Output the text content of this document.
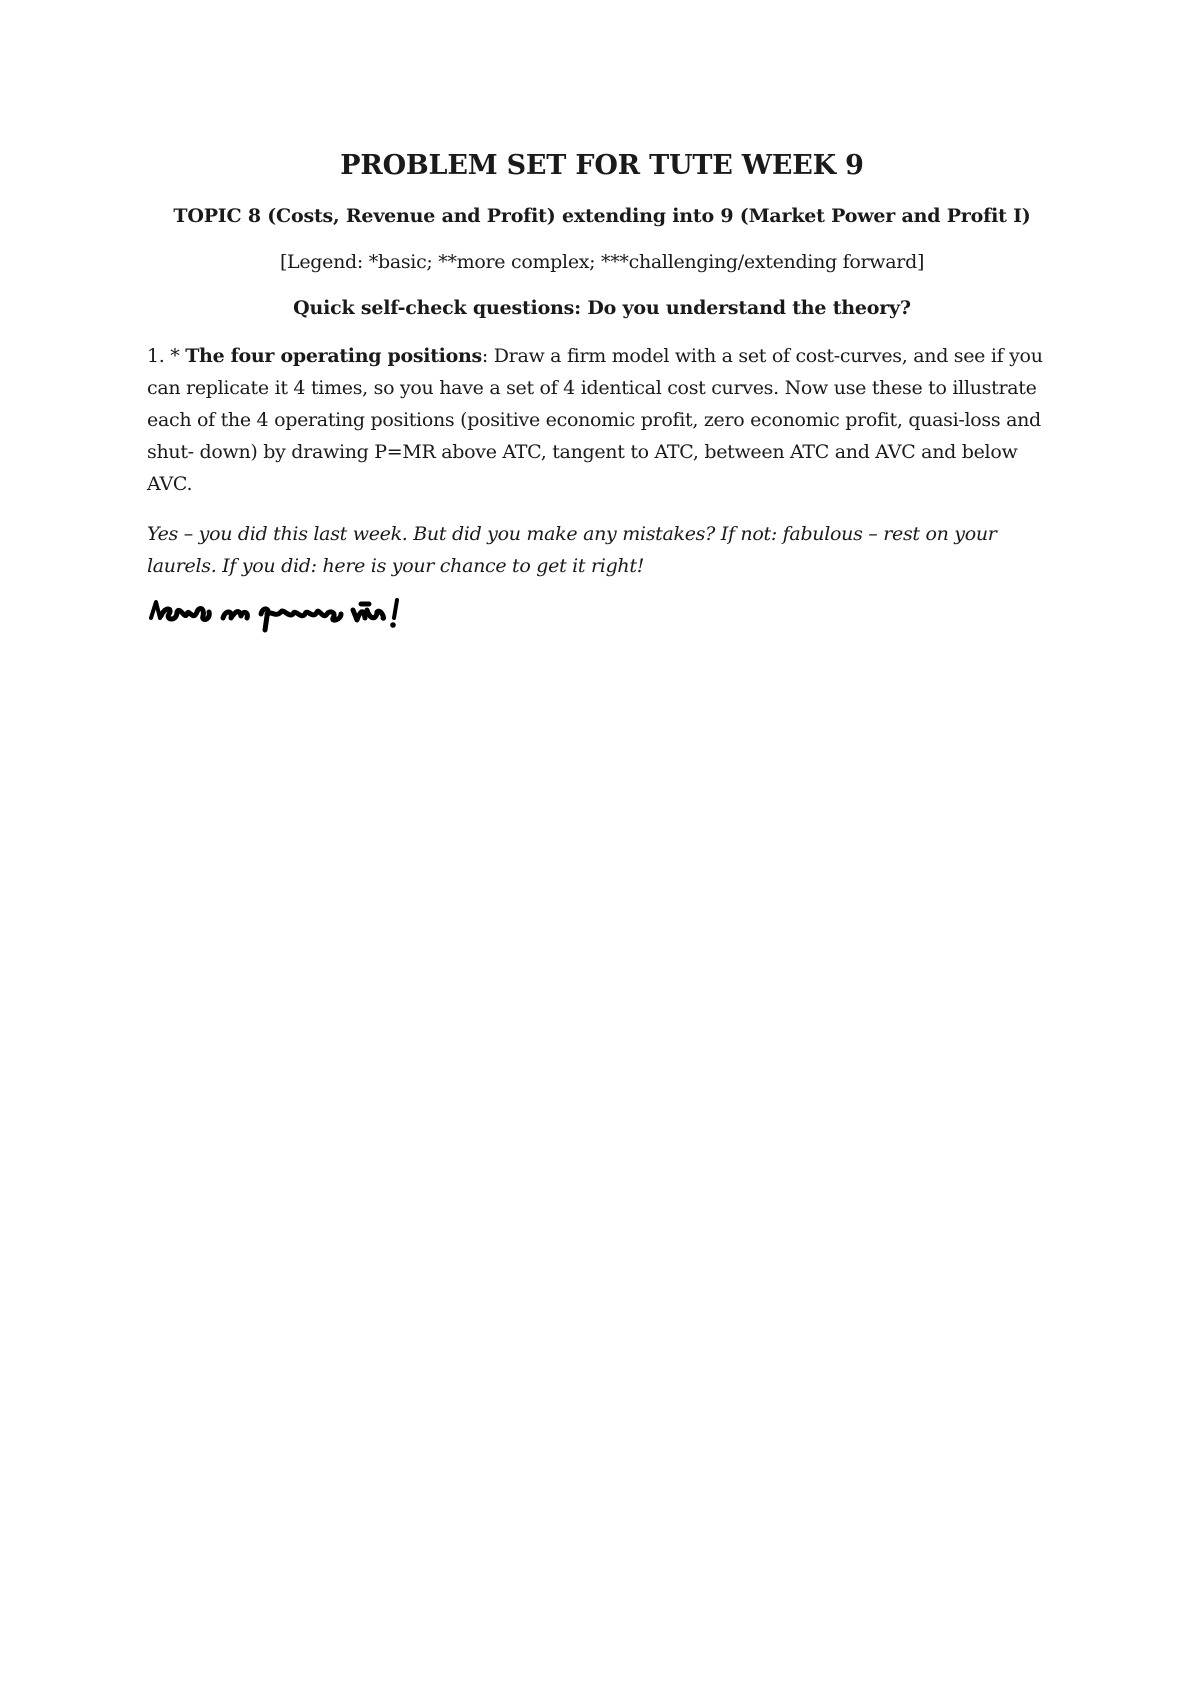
PROBLEM SET FOR TUTE WEEK 9
TOPIC 8 (Costs, Revenue and Profit) extending into 9 (Market Power and Profit I)
[Legend: *basic; **more complex; ***challenging/extending forward]
Quick self-check questions: Do you understand the theory?

1. * The four operating positions: Draw a firm model with a set of cost-curves, and see if you can replicate it 4 times, so you have a set of 4 identical cost curves. Now use these to illustrate each of the 4 operating positions (positive economic profit, zero economic profit, quasi-loss and shut- down) by drawing P=MR above ATC, tangent to ATC, between ATC and AVC and below AVC.

Yes – you did this last week. But did you make any mistakes? If not: fabulous – rest on your laurels. If you did: here is your chance to get it right!
